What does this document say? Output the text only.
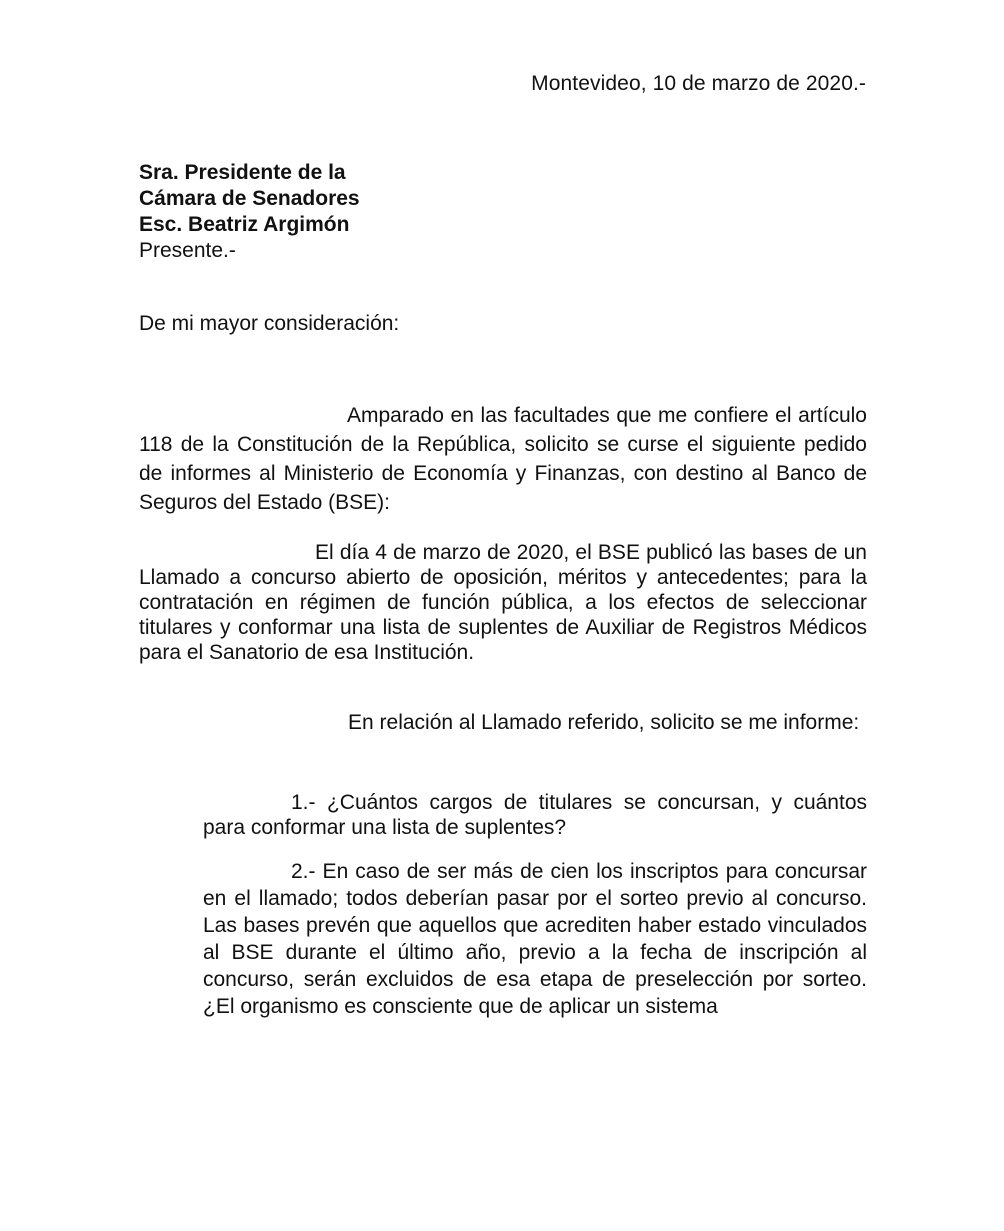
Montevideo, 10 de marzo de 2020.-
Sra. Presidente de la
Cámara de Senadores
Esc. Beatriz Argimón
Presente.-
De mi mayor consideración:
Amparado en las facultades que me confiere el artículo 118 de la Constitución de la República, solicito se curse el siguiente pedido de informes al Ministerio de Economía y Finanzas, con destino al Banco de Seguros del Estado (BSE):
El día 4 de marzo de 2020, el BSE publicó las bases de un Llamado a concurso abierto de oposición, méritos y antecedentes; para la contratación en régimen de función pública, a los efectos de seleccionar titulares y conformar una lista de suplentes de Auxiliar de Registros Médicos para el Sanatorio de esa Institución.
En relación al Llamado referido, solicito se me informe:
1.- ¿Cuántos cargos de titulares se concursan, y cuántos para conformar una lista de suplentes?
2.- En caso de ser más de cien los inscriptos para concursar en el llamado; todos deberían pasar por el sorteo previo al concurso. Las bases prevén que aquellos que acrediten haber estado vinculados al BSE durante el último año, previo a la fecha de inscripción al concurso, serán excluidos de esa etapa de preselección por sorteo. ¿El organismo es consciente que de aplicar un sistema
